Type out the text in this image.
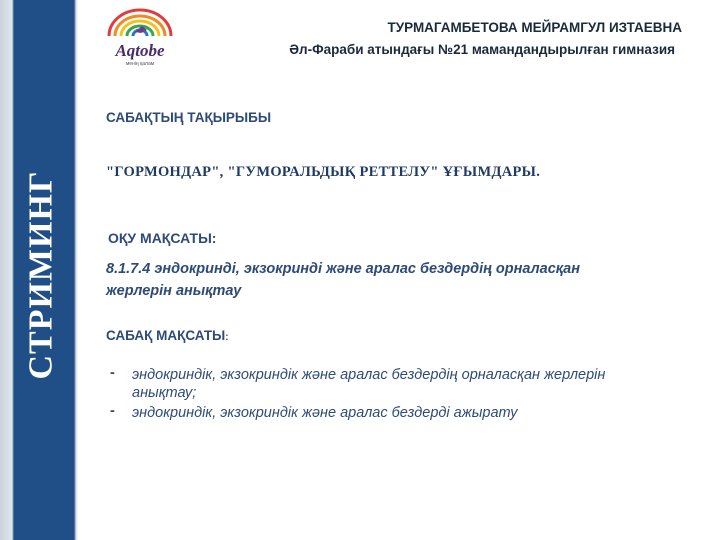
СТРИМИНГ
Aqtobe
менің қалам
ТУРМАГАМБЕТОВА МЕЙРАМГУЛ ИЗТАЕВНА
Әл-Фараби атындағы №21 мамандандырылған гимназия
САБАҚТЫҢ ТАҚЫРЫБЫ
"ГОРМОНДАР", "ГУМОРАЛЬДЫҚ РЕТТЕЛУ" ҰҒЫМДАРЫ.
ОҚУ МАҚСАТЫ:
8.1.7.4 эндокринді, экзокринді және аралас бездердің орналасқан жерлерін анықтау
САБАҚ МАҚСАТЫ:
- эндокриндік, экзокриндік және аралас бездердің орналасқан жерлерін анықтау;
- эндокриндік, экзокриндік және аралас бездерді ажырату
